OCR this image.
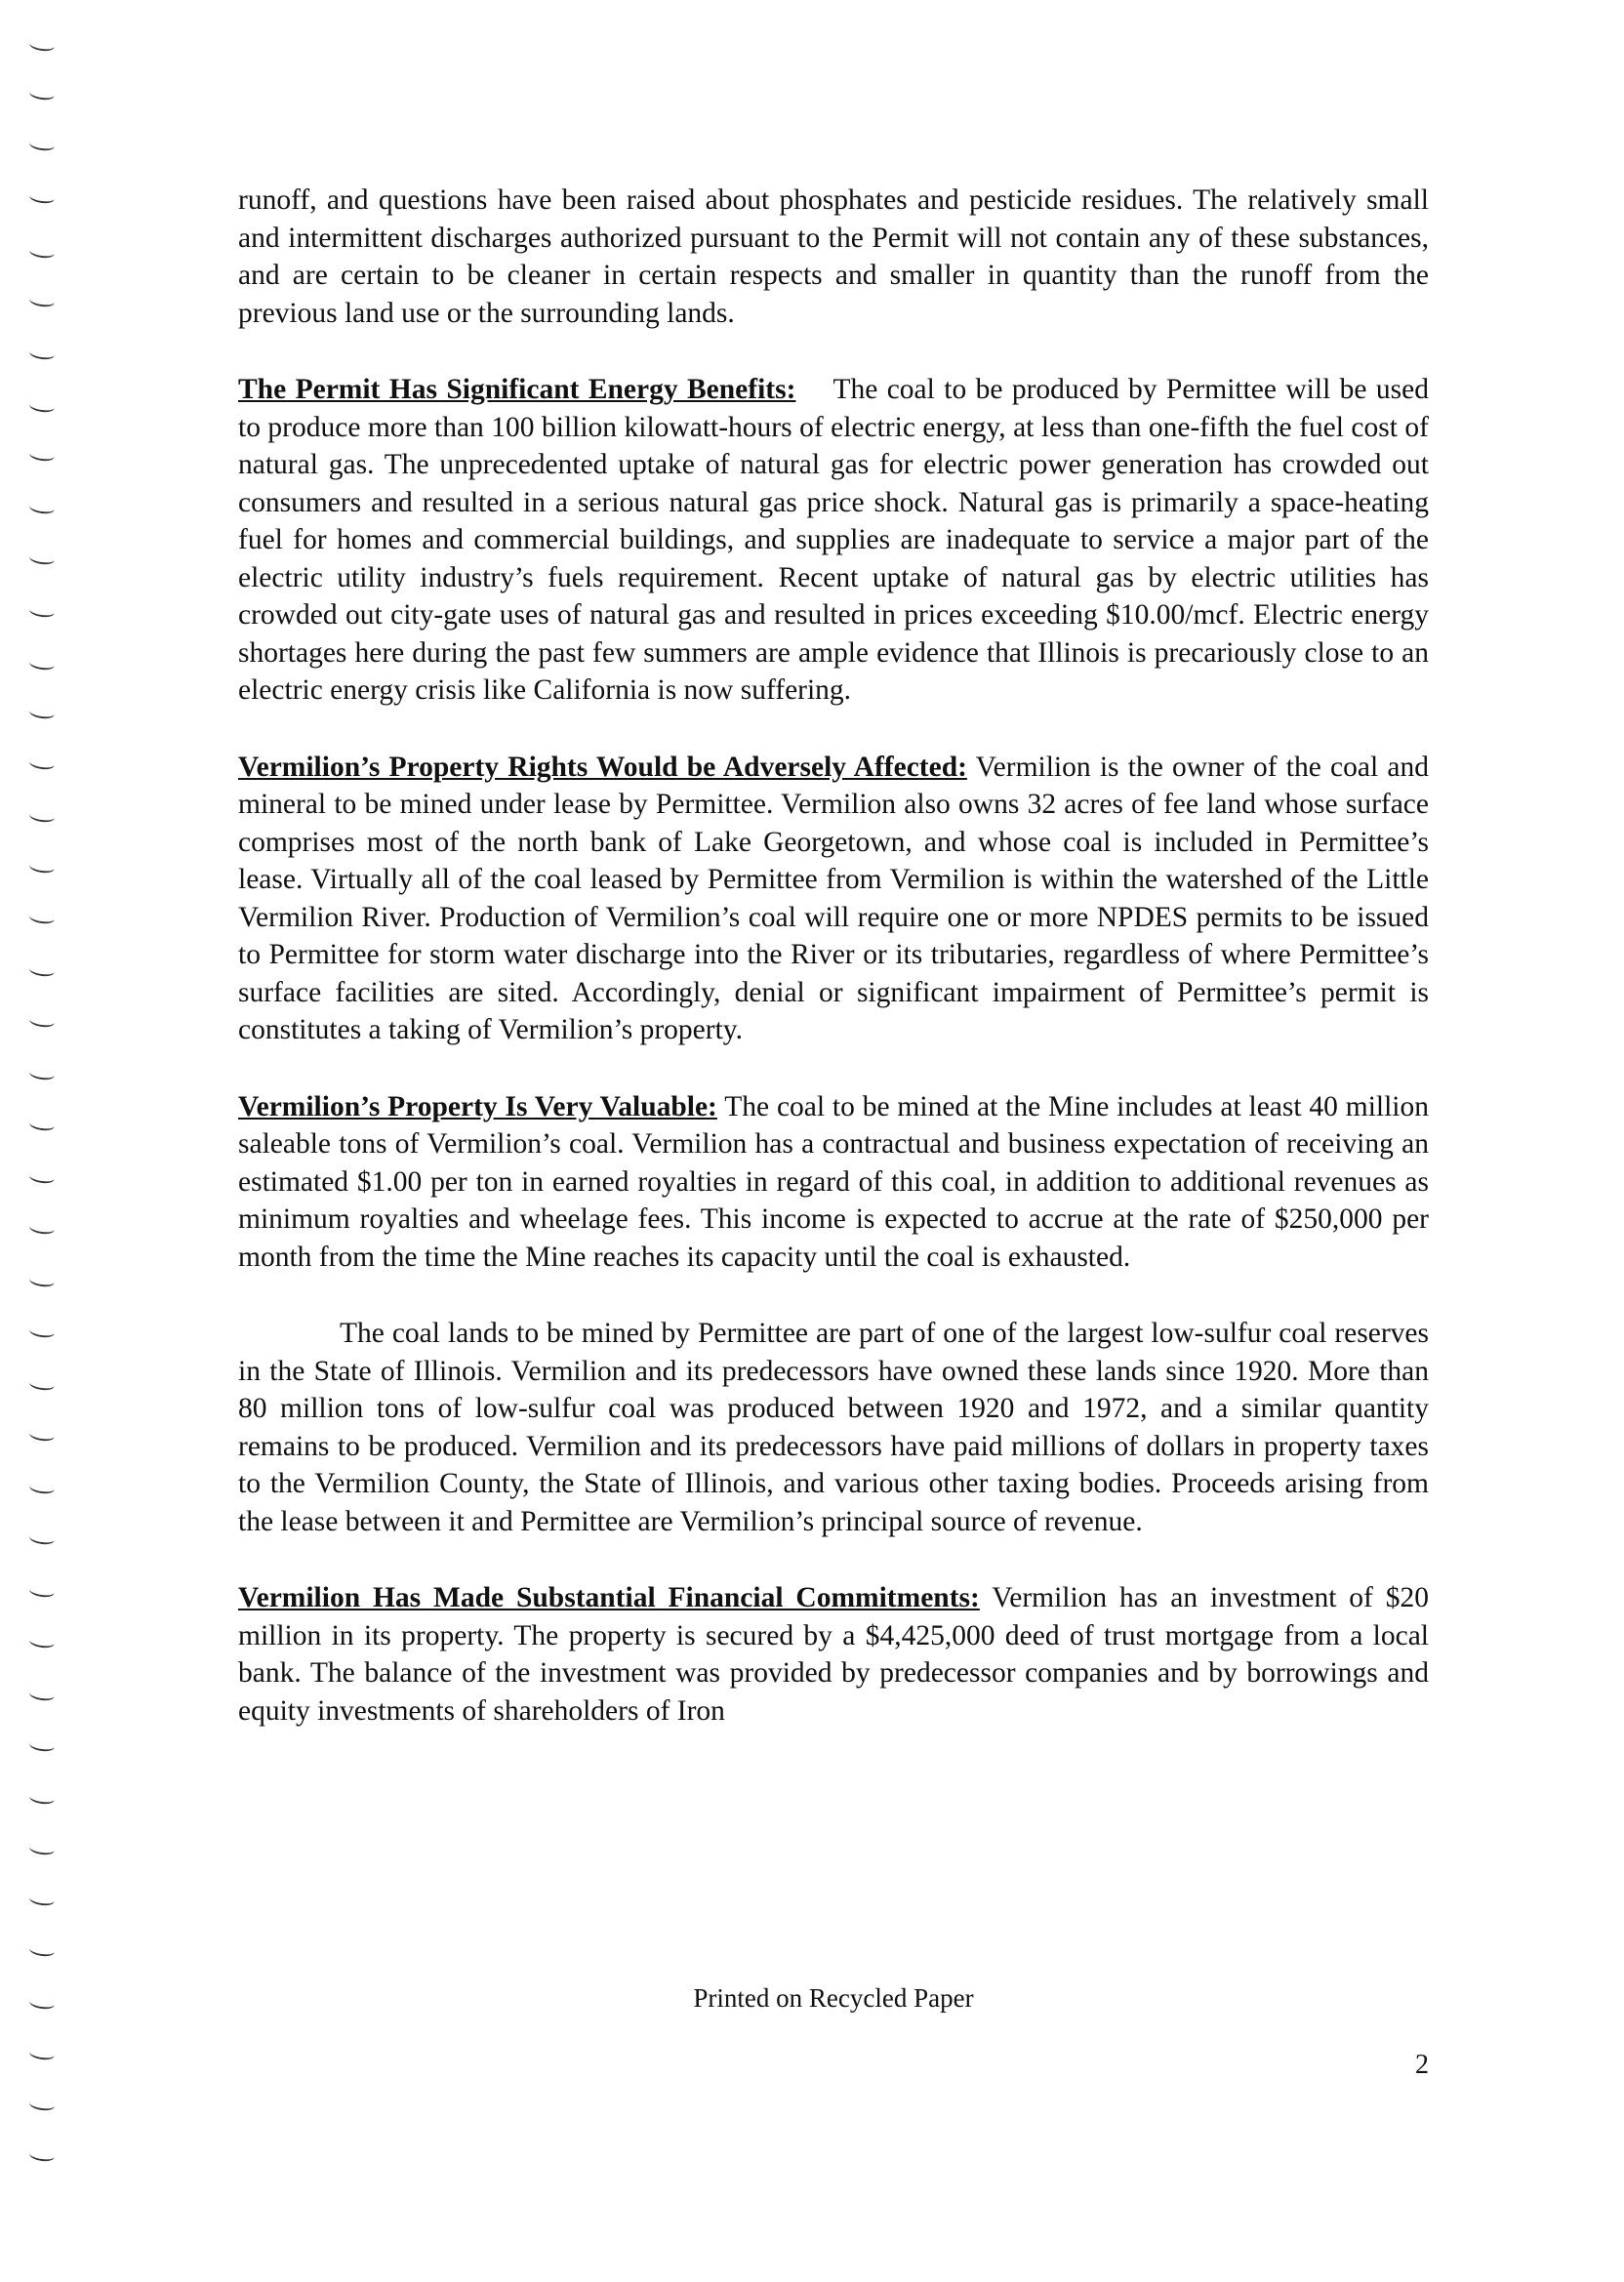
runoff, and questions have been raised about phosphates and pesticide residues. The relatively small and intermittent discharges authorized pursuant to the Permit will not contain any of these substances, and are certain to be cleaner in certain respects and smaller in quantity than the runoff from the previous land use or the surrounding lands.

The Permit Has Significant Energy Benefits: The coal to be produced by Permittee will be used to produce more than 100 billion kilowatt-hours of electric energy, at less than one-fifth the fuel cost of natural gas. The unprecedented uptake of natural gas for electric power generation has crowded out consumers and resulted in a serious natural gas price shock. Natural gas is primarily a space-heating fuel for homes and commercial buildings, and supplies are inadequate to service a major part of the electric utility industry’s fuels requirement. Recent uptake of natural gas by electric utilities has crowded out city-gate uses of natural gas and resulted in prices exceeding $10.00/mcf. Electric energy shortages here during the past few summers are ample evidence that Illinois is precariously close to an electric energy crisis like California is now suffering.

Vermilion’s Property Rights Would be Adversely Affected: Vermilion is the owner of the coal and mineral to be mined under lease by Permittee. Vermilion also owns 32 acres of fee land whose surface comprises most of the north bank of Lake Georgetown, and whose coal is included in Permittee’s lease. Virtually all of the coal leased by Permittee from Vermilion is within the watershed of the Little Vermilion River. Production of Vermilion’s coal will require one or more NPDES permits to be issued to Permittee for storm water discharge into the River or its tributaries, regardless of where Permittee’s surface facilities are sited. Accordingly, denial or significant impairment of Permittee’s permit is constitutes a taking of Vermilion’s property.

Vermilion’s Property Is Very Valuable: The coal to be mined at the Mine includes at least 40 million saleable tons of Vermilion’s coal. Vermilion has a contractual and business expectation of receiving an estimated $1.00 per ton in earned royalties in regard of this coal, in addition to additional revenues as minimum royalties and wheelage fees. This income is expected to accrue at the rate of $250,000 per month from the time the Mine reaches its capacity until the coal is exhausted.

The coal lands to be mined by Permittee are part of one of the largest low-sulfur coal reserves in the State of Illinois. Vermilion and its predecessors have owned these lands since 1920. More than 80 million tons of low-sulfur coal was produced between 1920 and 1972, and a similar quantity remains to be produced. Vermilion and its predecessors have paid millions of dollars in property taxes to the Vermilion County, the State of Illinois, and various other taxing bodies. Proceeds arising from the lease between it and Permittee are Vermilion’s principal source of revenue.

Vermilion Has Made Substantial Financial Commitments: Vermilion has an investment of $20 million in its property. The property is secured by a $4,425,000 deed of trust mortgage from a local bank. The balance of the investment was provided by predecessor companies and by borrowings and equity investments of shareholders of Iron

Printed on Recycled Paper
2
